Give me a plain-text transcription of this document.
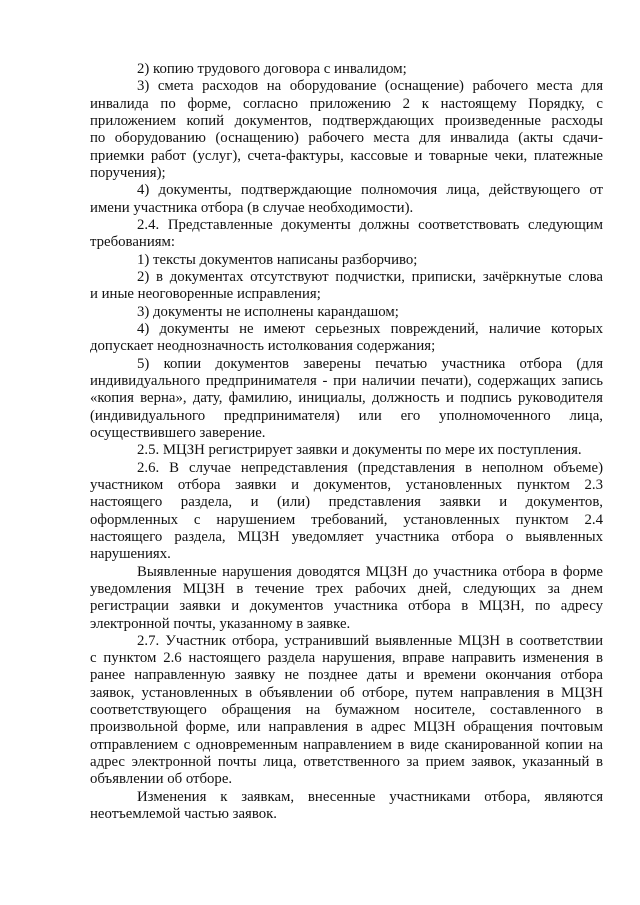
2) копию трудового договора с инвалидом;
3) смета расходов на оборудование (оснащение) рабочего места для
инвалида по форме, согласно приложению 2 к настоящему Порядку, с
приложением копий документов, подтверждающих произведенные расходы
по оборудованию (оснащению) рабочего места для инвалида (акты сдачи-
приемки работ (услуг), счета-фактуры, кассовые и товарные чеки, платежные
поручения);
4) документы, подтверждающие полномочия лица, действующего от
имени участника отбора (в случае необходимости).
2.4. Представленные документы должны соответствовать следующим
требованиям:
1) тексты документов написаны разборчиво;
2) в документах отсутствуют подчистки, приписки, зачёркнутые слова
и иные неоговоренные исправления;
3) документы не исполнены карандашом;
4) документы не имеют серьезных повреждений, наличие которых
допускает неоднозначность истолкования содержания;
5) копии документов заверены печатью участника отбора (для
индивидуального предпринимателя - при наличии печати), содержащих запись
«копия верна», дату, фамилию, инициалы, должность и подпись руководителя
(индивидуального предпринимателя) или его уполномоченного лица,
осуществившего заверение.
2.5. МЦЗН регистрирует заявки и документы по мере их поступления.
2.6. В случае непредставления (представления в неполном объеме)
участником отбора заявки и документов, установленных пунктом 2.3
настоящего раздела, и (или) представления заявки и документов,
оформленных с нарушением требований, установленных пунктом 2.4
настоящего раздела, МЦЗН уведомляет участника отбора о выявленных
нарушениях.
Выявленные нарушения доводятся МЦЗН до участника отбора в форме
уведомления МЦЗН в течение трех рабочих дней, следующих за днем
регистрации заявки и документов участника отбора в МЦЗН, по адресу
электронной почты, указанному в заявке.
2.7. Участник отбора, устранивший выявленные МЦЗН в соответствии
с пунктом 2.6 настоящего раздела нарушения, вправе направить изменения в
ранее направленную заявку не позднее даты и времени окончания отбора
заявок, установленных в объявлении об отборе, путем направления в МЦЗН
соответствующего обращения на бумажном носителе, составленного в
произвольной форме, или направления в адрес МЦЗН обращения почтовым
отправлением с одновременным направлением в виде сканированной копии на
адрес электронной почты лица, ответственного за прием заявок, указанный в
объявлении об отборе.
Изменения к заявкам, внесенные участниками отбора, являются
неотъемлемой частью заявок.
